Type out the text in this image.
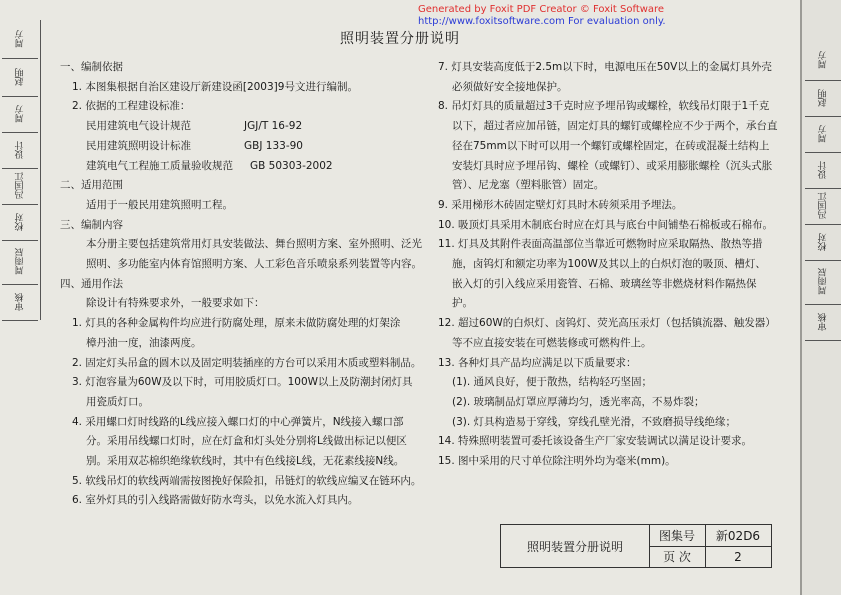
Generated by Foxit PDF Creator © Foxit Software
http://www.foxitsoftware.com For evaluation only.
周方
赵明
周方
设计
冯国江
校对
周雨辰
审核
照明装置分册说明
一、编制依据
1. 本图集根据自治区建设厅新建设函[2003]9号文进行编制。
2. 依据的工程建设标准：
民用建筑电气设计规范	JGJ/T 16-92
民用建筑照明设计标准	GBJ 133-90
建筑电气工程施工质量验收规范	GB 50303-2002
二、适用范围
适用于一般民用建筑照明工程。
三、编制内容
本分册主要包括建筑常用灯具安装做法、舞台照明方案、室外照明、泛光
照明、多功能室内体育馆照明方案、人工彩色音乐喷泉系列装置等内容。
四、通用作法
除设计有特殊要求外，一般要求如下：
1. 灯具的各种金属构件均应进行防腐处理，原来未做防腐处理的灯架涂
樟丹油一度，油漆两度。
2. 固定灯头吊盒的圆木以及固定明装插座的方台可以采用木质或塑料制品。
3. 灯泡容量为60W及以下时，可用胶质灯口。100W以上及防潮封闭灯具
用瓷质灯口。
4. 采用螺口灯时线路的L线应接入螺口灯的中心弹簧片，N线接入螺口部
分。采用吊线螺口灯时，应在灯盒和灯头处分别将L线做出标记以便区
别。采用双芯棉织绝缘软线时，其中有色线接L线，无花素线接N线。
5. 软线吊灯的软线两端需按图挽好保险扣，吊链灯的软线应编叉在链环内。
6. 室外灯具的引入线路需做好防水弯头，以免水流入灯具内。
7. 灯具安装高度低于2.5m以下时，电源电压在50V以上的金属灯具外壳
必须做好安全接地保护。
8. 吊灯灯具的质量超过3千克时应予埋吊钩或螺栓，软线吊灯限于1千克
以下，超过者应加吊链，固定灯具的螺钉或螺栓应不少于两个，承台直
径在75mm以下时可以用一个螺钉或螺栓固定，在砖或混凝土结构上
安装灯具时应予埋吊钩、螺栓（或螺钉）、或采用膨胀螺栓（沉头式胀
管）、尼龙塞（塑料胀管）固定。
9. 采用梯形木砖固定壁灯灯具时木砖须采用予埋法。
10. 吸顶灯具采用木制底台时应在灯具与底台中间铺垫石棉板或石棉布。
11. 灯具及其附件表面高温部位当靠近可燃物时应采取隔热、散热等措
施，卤钨灯和额定功率为100W及其以上的白炽灯泡的吸顶、槽灯、
嵌入灯的引入线应采用瓷管、石棉、玻璃丝等非燃烧材料作隔热保
护。
12. 超过60W的白炽灯、卤钨灯、荧光高压汞灯（包括镇流器、触发器）
等不应直接安装在可燃装修或可燃构件上。
13. 各种灯具产品均应满足以下质量要求：
(1). 通风良好，便于散热，结构轻巧坚固；
(2). 玻璃制品灯罩应厚薄均匀，透光率高，不易炸裂；
(3). 灯具构造易于穿线，穿线孔壁光滑，不致磨损导线绝缘；
14. 特殊照明装置可委托该设备生产厂家安装调试以满足设计要求。
15. 图中采用的尺寸单位除注明外均为毫米(mm)。
照明装置分册说明
图集号	新02D6
页 次	2
周方
赵明
周方
设计
冯国江
校对
周雨辰
审核
